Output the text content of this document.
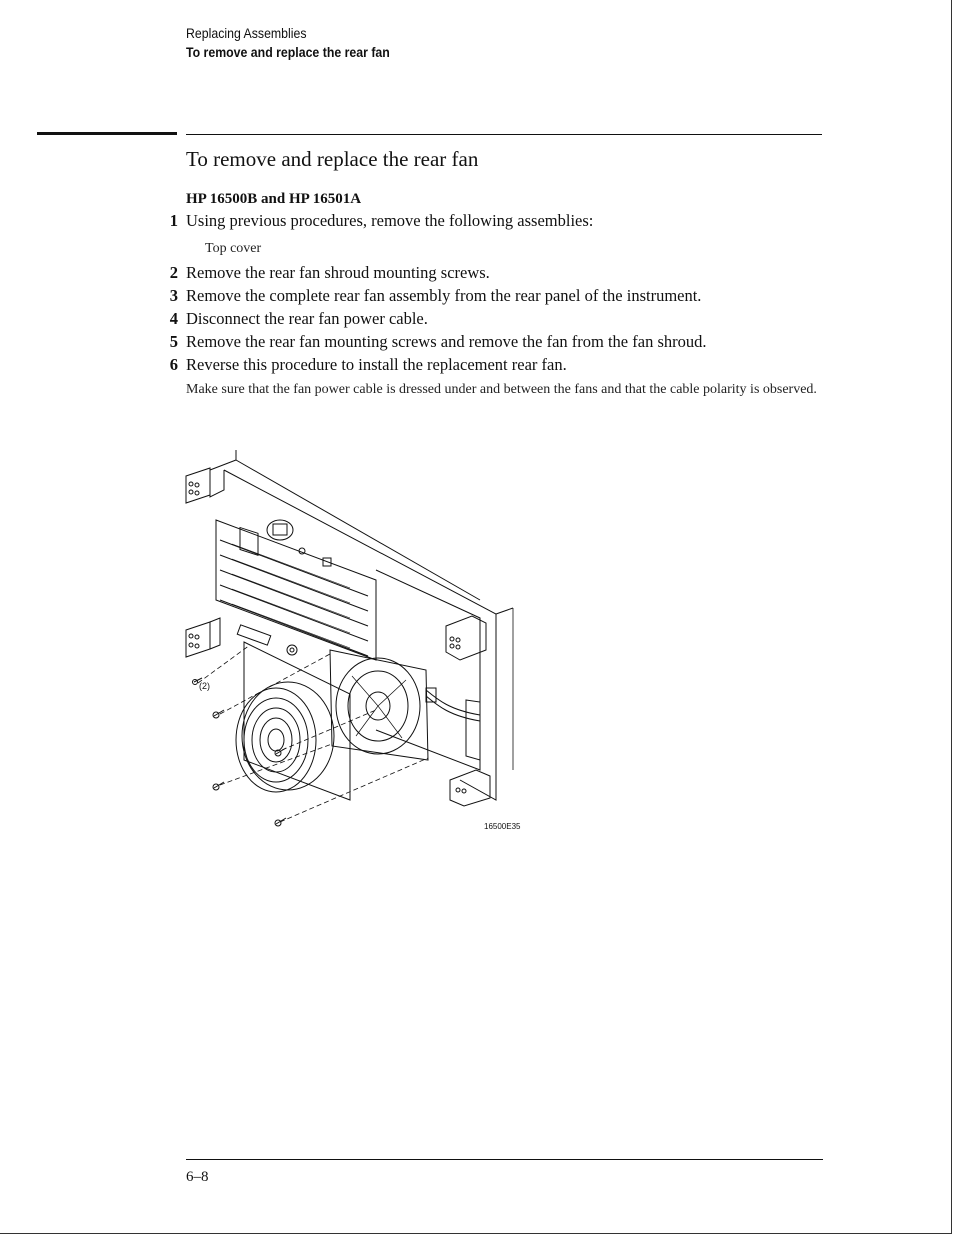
Replacing Assemblies
To remove and replace the rear fan
To remove and replace the rear fan
HP 16500B and HP 16501A
1 Using previous procedures, remove the following assemblies:
Top cover
2 Remove the rear fan shroud mounting screws.
3 Remove the complete rear fan assembly from the rear panel of the instrument.
4 Disconnect the rear fan power cable.
5 Remove the rear fan mounting screws and remove the fan from the fan shroud.
6 Reverse this procedure to install the replacement rear fan.
Make sure that the fan power cable is dressed under and between the fans and that the cable polarity is observed.
(2)
16500E35
6–8
